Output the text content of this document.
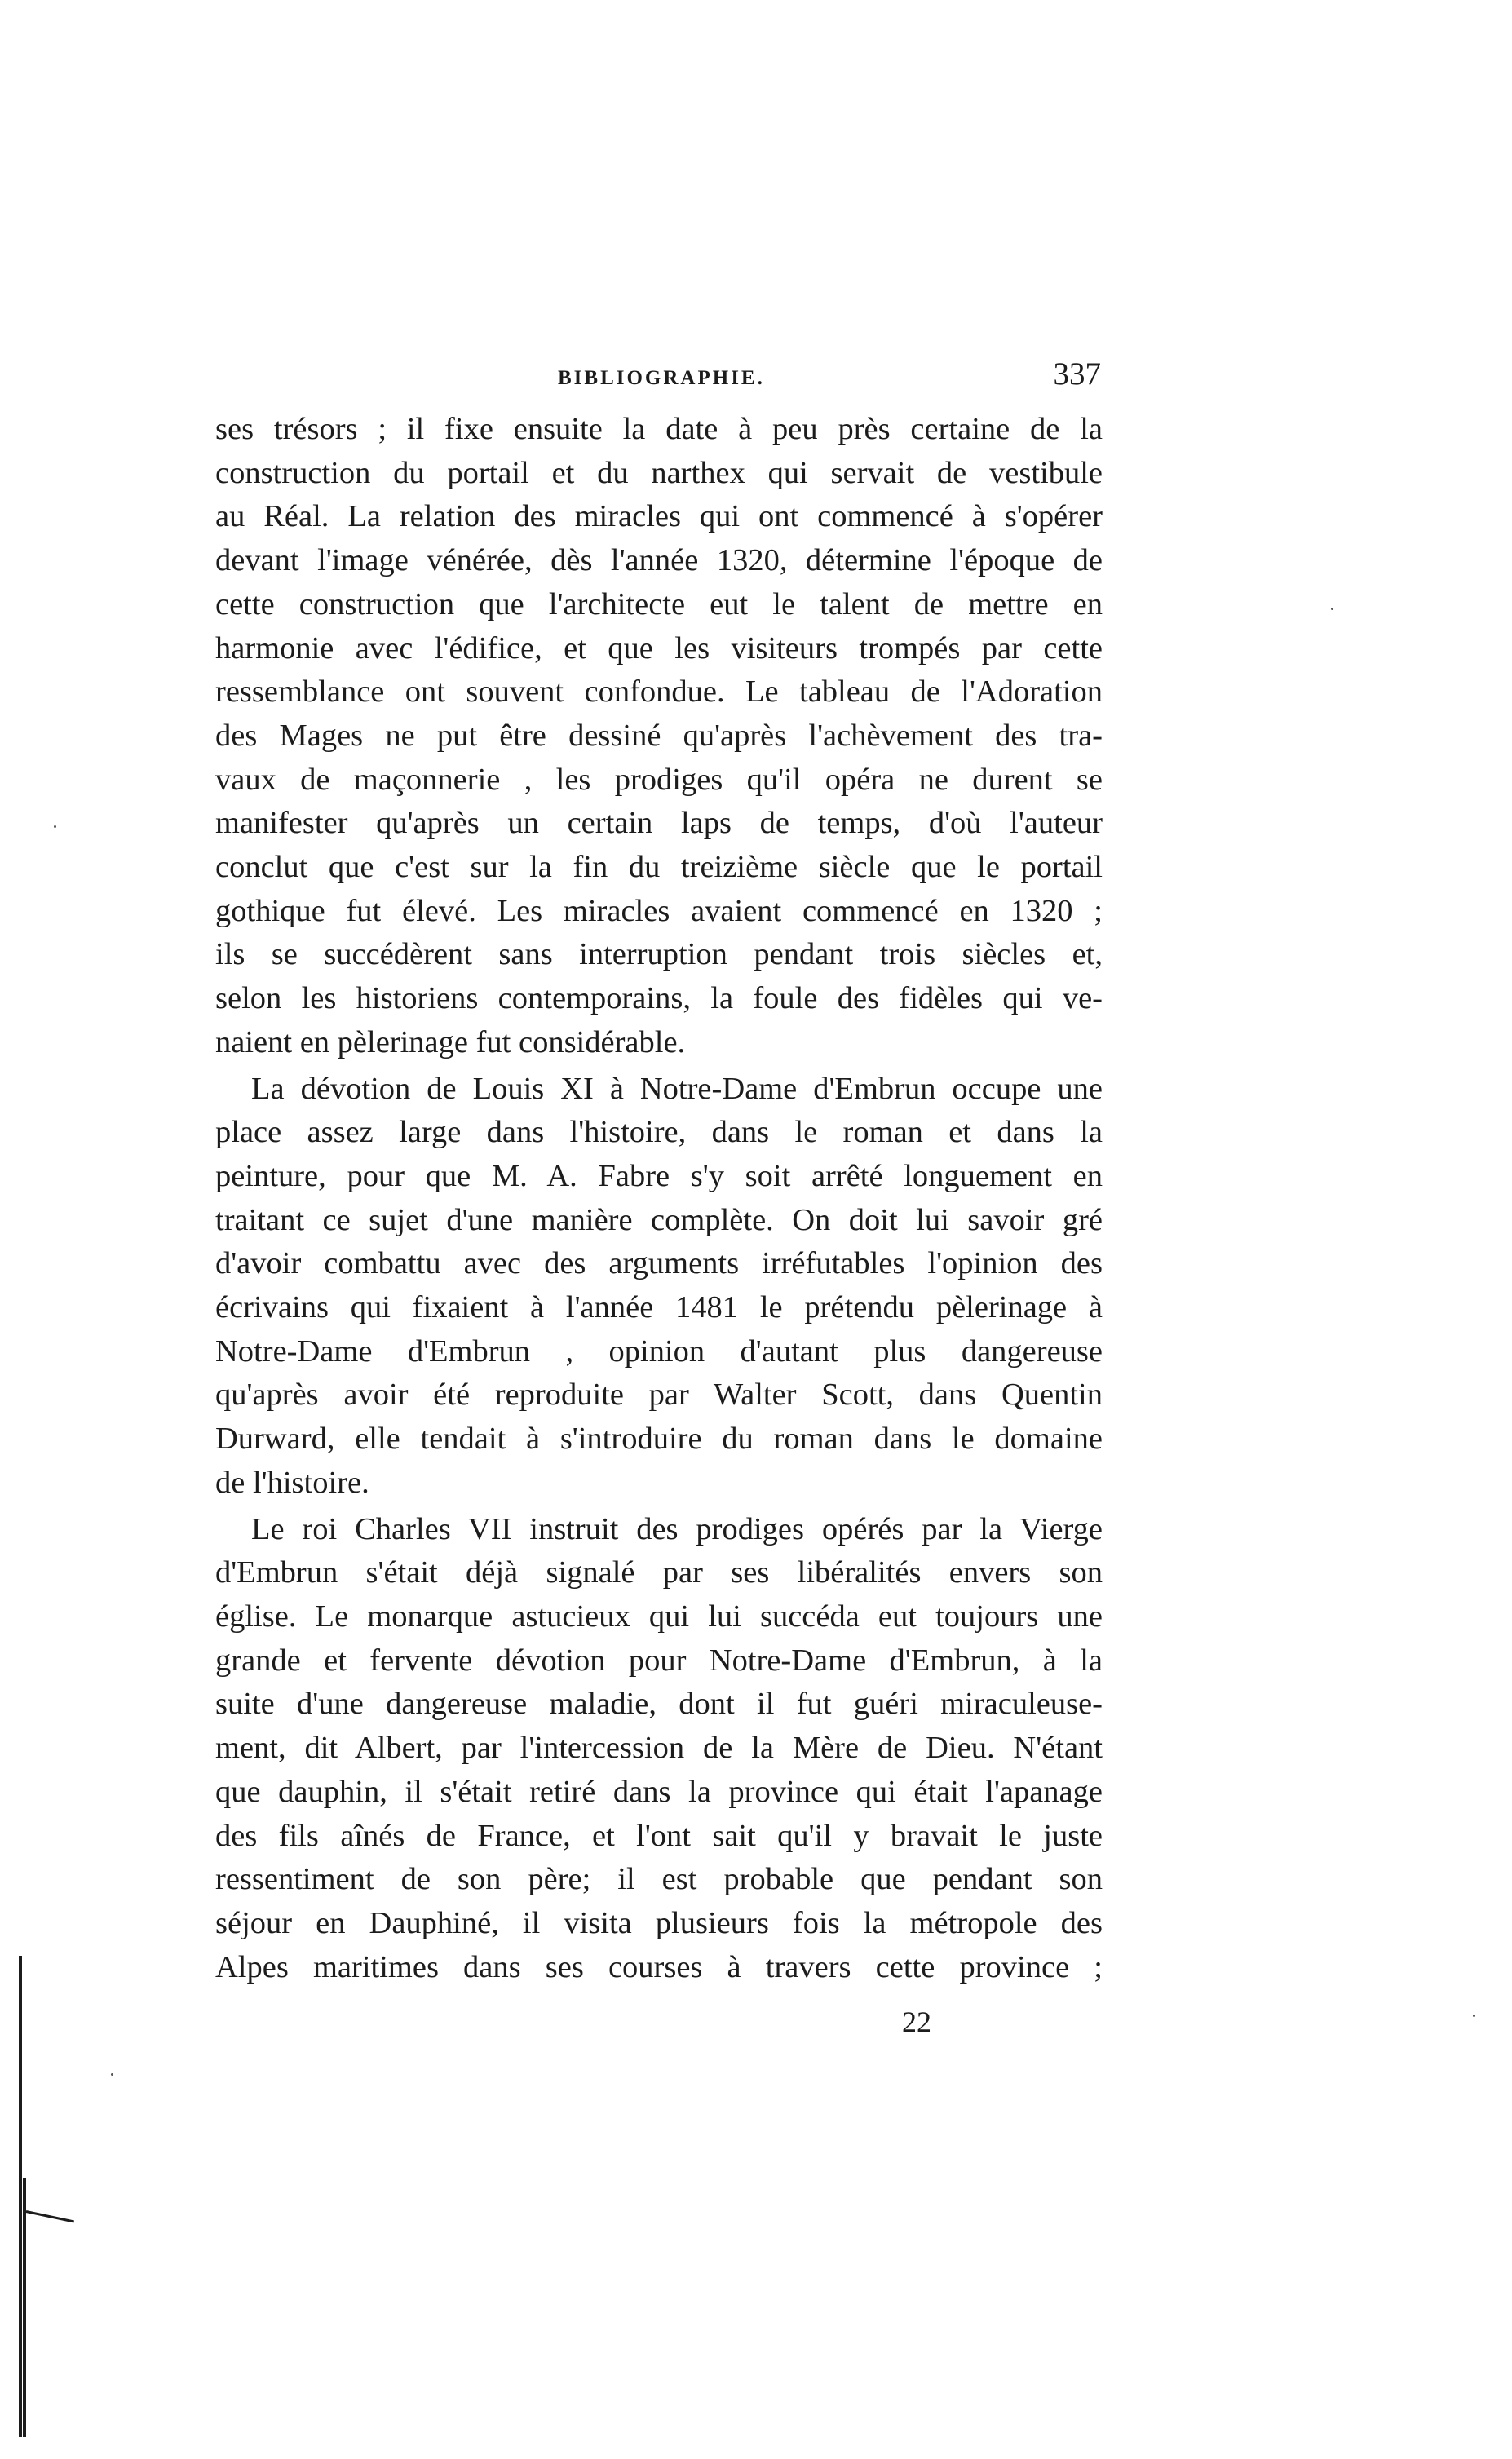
BIBLIOGRAPHIE.	337
ses trésors ; il fixe ensuite la date à peu près certaine de la
construction du portail et du narthex qui servait de vestibule
au Réal. La relation des miracles qui ont commencé à s'opérer
devant l'image vénérée, dès l'année 1320, détermine l'époque de
cette construction que l'architecte eut le talent de mettre en
harmonie avec l'édifice, et que les visiteurs trompés par cette
ressemblance ont souvent confondue. Le tableau de l'Adoration
des Mages ne put être dessiné qu'après l'achèvement des tra-
vaux de maçonnerie , les prodiges qu'il opéra ne durent se
manifester qu'après un certain laps de temps, d'où l'auteur
conclut que c'est sur la fin du treizième siècle que le portail
gothique fut élevé. Les miracles avaient commencé en 1320 ;
ils se succédèrent sans interruption pendant trois siècles et,
selon les historiens contemporains, la foule des fidèles qui ve-
naient en pèlerinage fut considérable.
La dévotion de Louis XI à Notre-Dame d'Embrun occupe une
place assez large dans l'histoire, dans le roman et dans la
peinture, pour que M. A. Fabre s'y soit arrêté longuement en
traitant ce sujet d'une manière complète. On doit lui savoir gré
d'avoir combattu avec des arguments irréfutables l'opinion des
écrivains qui fixaient à l'année 1481 le prétendu pèlerinage à
Notre-Dame d'Embrun , opinion d'autant plus dangereuse
qu'après avoir été reproduite par Walter Scott, dans Quentin
Durward, elle tendait à s'introduire du roman dans le domaine
de l'histoire.
Le roi Charles VII instruit des prodiges opérés par la Vierge
d'Embrun s'était déjà signalé par ses libéralités envers son
église. Le monarque astucieux qui lui succéda eut toujours une
grande et fervente dévotion pour Notre-Dame d'Embrun, à la
suite d'une dangereuse maladie, dont il fut guéri miraculeuse-
ment, dit Albert, par l'intercession de la Mère de Dieu. N'étant
que dauphin, il s'était retiré dans la province qui était l'apanage
des fils aînés de France, et l'ont sait qu'il y bravait le juste
ressentiment de son père; il est probable que pendant son
séjour en Dauphiné, il visita plusieurs fois la métropole des
Alpes maritimes dans ses courses à travers cette province ;
22
